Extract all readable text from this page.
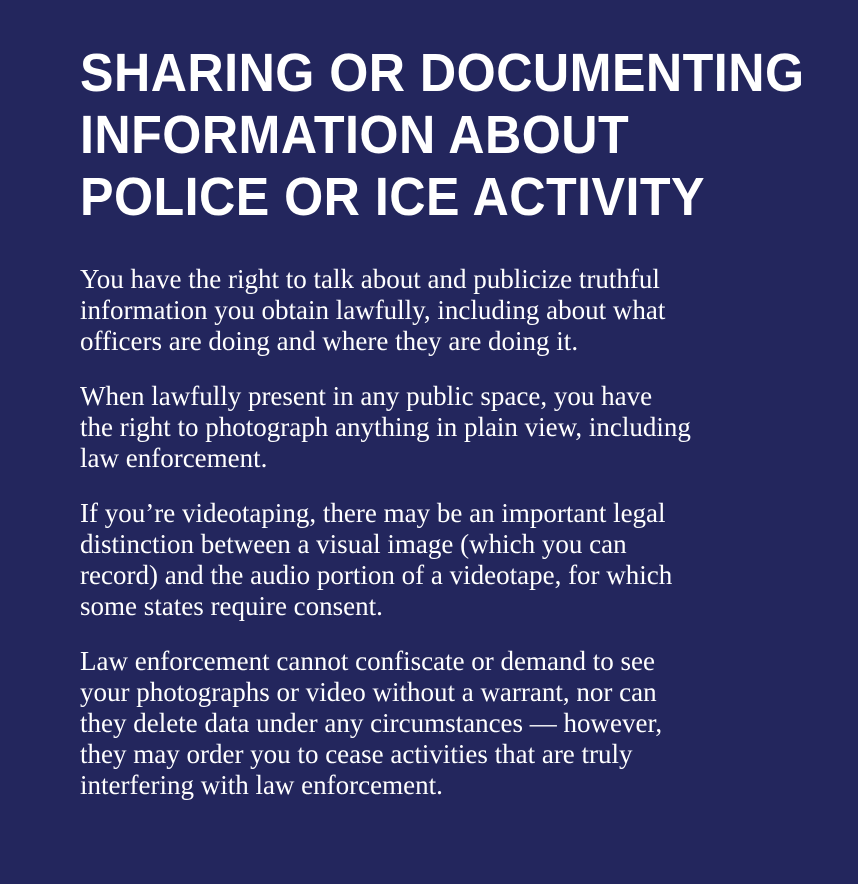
SHARING OR DOCUMENTING
INFORMATION ABOUT
POLICE OR ICE ACTIVITY

You have the right to talk about and publicize truthful
information you obtain lawfully, including about what
officers are doing and where they are doing it.

When lawfully present in any public space, you have
the right to photograph anything in plain view, including
law enforcement.

If you’re videotaping, there may be an important legal
distinction between a visual image (which you can
record) and the audio portion of a videotape, for which
some states require consent.

Law enforcement cannot confiscate or demand to see
your photographs or video without a warrant, nor can
they delete data under any circumstances — however,
they may order you to cease activities that are truly
interfering with law enforcement.
